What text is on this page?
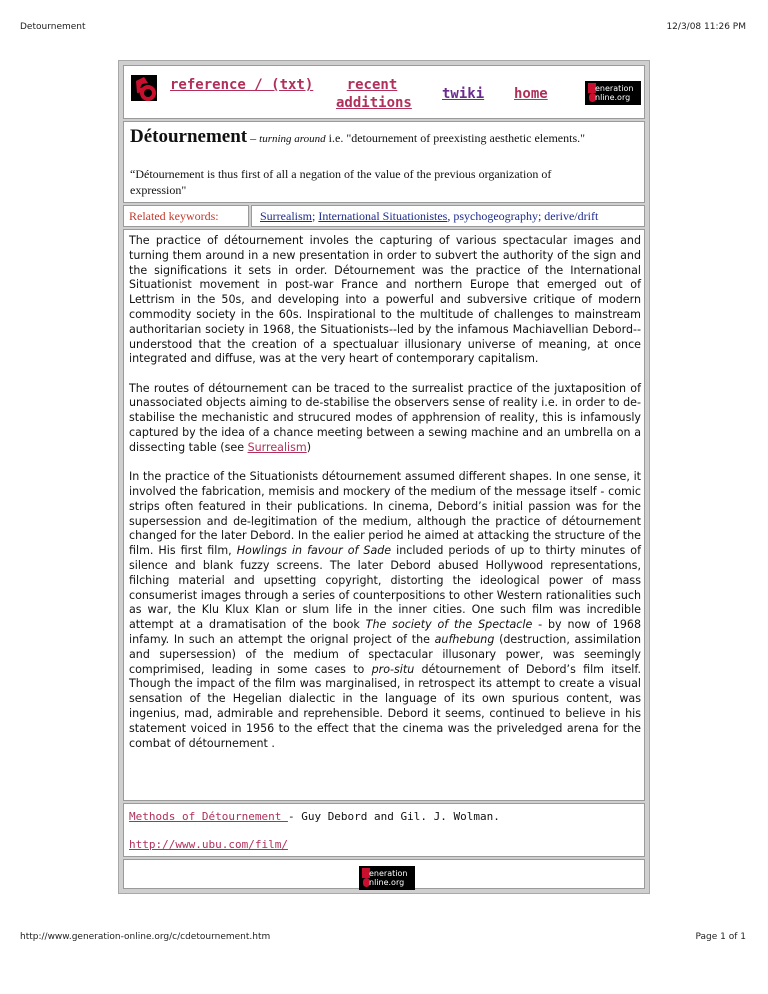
Detournement	12/3/08 11:26 PM
reference / (txt)	recent
additions
twiki home	eneration
nline.org
Détournement – turning around i.e. "detournement of preexisting aesthetic elements."
“Détournement is thus first of all a negation of the value of the previous organization of expression"
Related keywords:	Surrealism; International Situationistes, psychogeography; derive/drift

The practice of détournement involes the capturing of various spectacular images and turning them around in a new presentation in order to subvert the authority of the sign and the significations it sets in order. Détournement was the practice of the International Situationist movement in post-war France and northern Europe that emerged out of Lettrism in the 50s, and developing into a powerful and subversive critique of modern commodity society in the 60s. Inspirational to the multitude of challenges to mainstream authoritarian society in 1968, the Situationists--led by the infamous Machiavellian Debord--understood that the creation of a spectualuar illusionary universe of meaning, at once integrated and diffuse, was at the very heart of contemporary capitalism.

The routes of détournement can be traced to the surrealist practice of the juxtaposition of unassociated objects aiming to de-stabilise the observers sense of reality i.e. in order to de-stabilise the mechanistic and strucured modes of apphrension of reality, this is infamously captured by the idea of a chance meeting between a sewing machine and an umbrella on a dissecting table (see Surrealism)

In the practice of the Situationists détournement assumed different shapes. In one sense, it involved the fabrication, memisis and mockery of the medium of the message itself - comic strips often featured in their publications. In cinema, Debord’s initial passion was for the supersession and de-legitimation of the medium, although the practice of détournement changed for the later Debord. In the ealier period he aimed at attacking the structure of the film. His first film, Howlings in favour of Sade included periods of up to thirty minutes of silence and blank fuzzy screens. The later Debord abused Hollywood representations, filching material and upsetting copyright, distorting the ideological power of mass consumerist images through a series of counterpositions to other Western rationalities such as war, the Klu Klux Klan or slum life in the inner cities. One such film was incredible attempt at a dramatisation of the book The society of the Spectacle - by now of 1968 infamy. In such an attempt the orignal project of the aufhebung (destruction, assimilation and supersession) of the medium of spectacular illusonary power, was seemingly comprimised, leading in some cases to pro-situ détournement of Debord’s film itself. Though the impact of the film was marginalised, in retrospect its attempt to create a visual sensation of the Hegelian dialectic in the language of its own spurious content, was ingenius, mad, admirable and reprehensible. Debord it seems, continued to believe in his statement voiced in 1956 to the effect that the cinema was the priveledged arena for the combat of détournement .

Methods of Détournement - Guy Debord and Gil. J. Wolman.
http://www.ubu.com/film/
eneration
nline.org
http://www.generation-online.org/c/cdetournement.htm	Page 1 of 1
